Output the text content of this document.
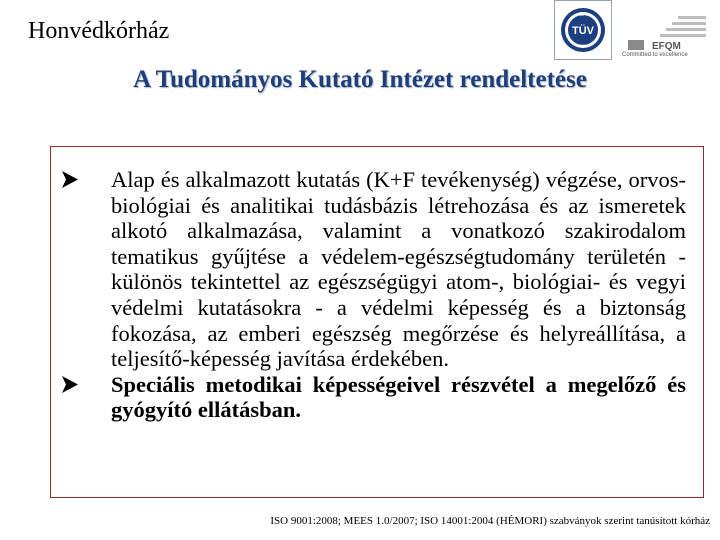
Honvédkórház
CH
TÜV
SÜD	EFQM
Committed to excellence
A Tudományos Kutató Intézet rendeltetése
Alap és alkalmazott kutatás (K+F tevékenység) végzése, orvos-biológiai és analitikai tudásbázis létrehozása és az ismeretek alkotó alkalmazása, valamint a vonatkozó szakirodalom tematikus gyűjtése a védelem-egészségtudomány területén - különös tekintettel az egészségügyi atom-, biológiai- és vegyi védelmi kutatásokra - a védelmi képesség és a biztonság fokozása, az emberi egészség megőrzése és helyreállítása, a teljesítő-képesség javítása érdekében.
Speciális metodikai képességeivel részvétel a megelőző és gyógyító ellátásban.
ISO 9001:2008; MEES 1.0/2007; ISO 14001:2004 (HÉMORI) szabványok szerint tanúsított kórház
